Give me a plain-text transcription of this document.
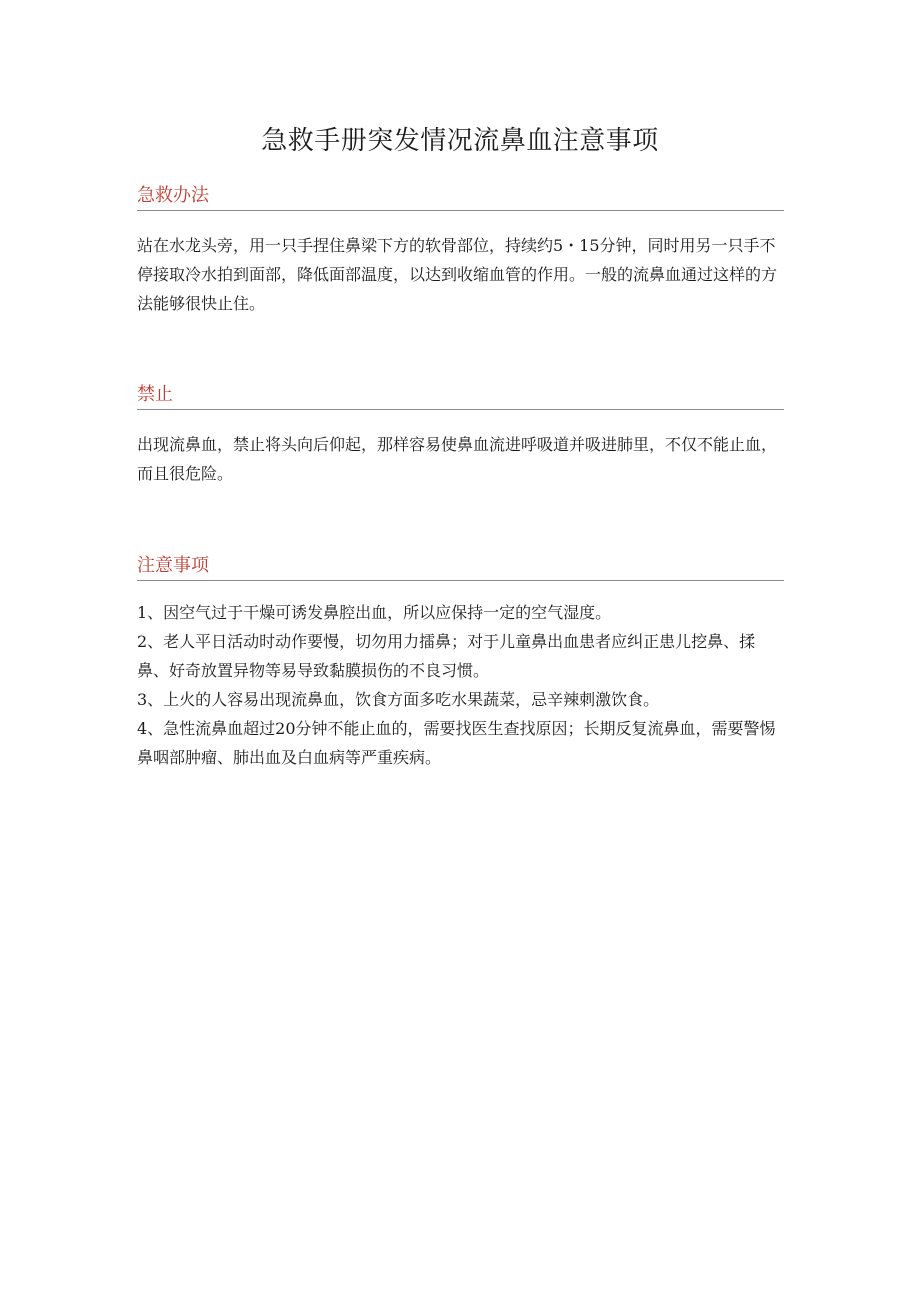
急救手册突发情况流鼻血注意事项
急救办法

站在水龙头旁，用一只手捏住鼻梁下方的软骨部位，持续约5・15分钟，同时用另一只手不停接取冷水拍到面部，降低面部温度，以达到收缩血管的作用。一般的流鼻血通过这样的方法能够很快止住。

禁止

出现流鼻血，禁止将头向后仰起，那样容易使鼻血流进呼吸道并吸进肺里，不仅不能止血，而且很危险。

注意事项

1、因空气过于干燥可诱发鼻腔出血，所以应保持一定的空气湿度。

2、老人平日活动时动作要慢，切勿用力擂鼻；对于儿童鼻出血患者应纠正患儿挖鼻、揉鼻、好奇放置异物等易导致黏膜损伤的不良习惯。

3、上火的人容易出现流鼻血，饮食方面多吃水果蔬菜，忌辛辣刺激饮食。

4、急性流鼻血超过20分钟不能止血的，需要找医生查找原因；长期反复流鼻血，需要警惕鼻咽部肿瘤、肺出血及白血病等严重疾病。
